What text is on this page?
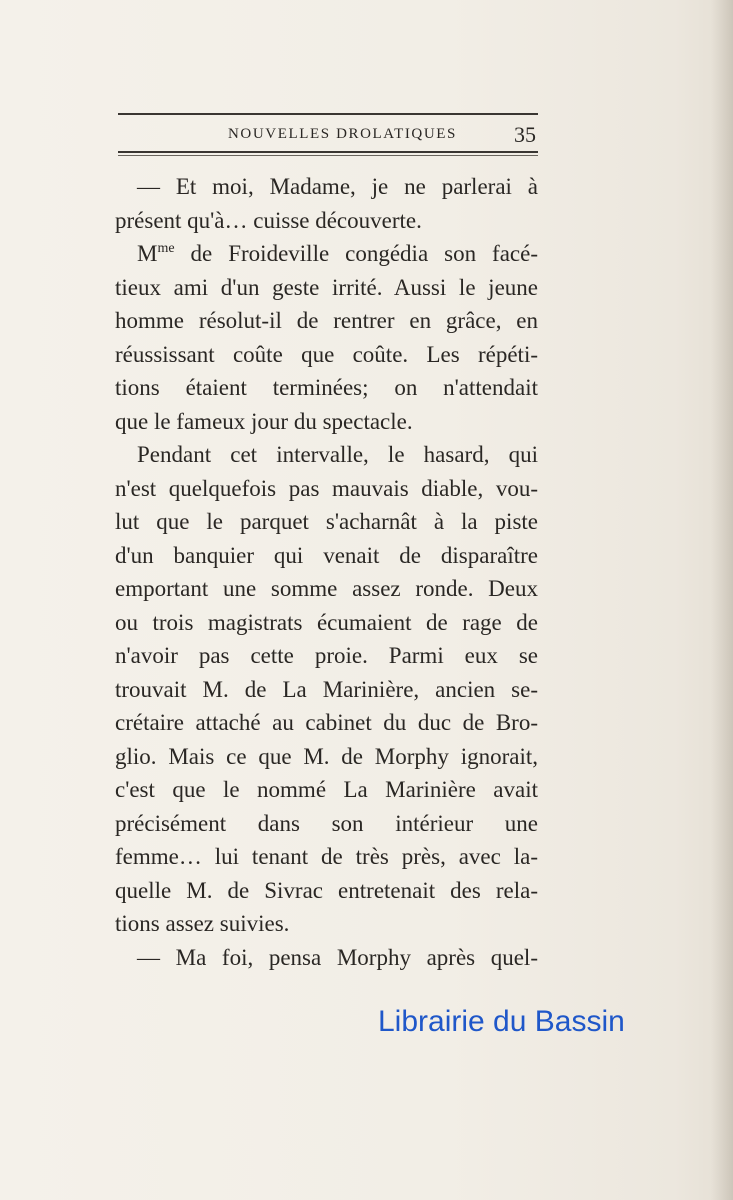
NOUVELLES DROLATIQUES	35
— Et moi, Madame, je ne parlerai à
présent qu'à… cuisse découverte.
$M^{me}$ de Froideville congédia son facé-
tieux ami d'un geste irrité. Aussi le jeune
homme résolut-il de rentrer en grâce, en
réussissant coûte que coûte. Les répéti-
tions étaient terminées; on n'attendait
que le fameux jour du spectacle.
Pendant cet intervalle, le hasard, qui
n'est quelquefois pas mauvais diable, vou-
lut que le parquet s'acharnât à la piste
d'un banquier qui venait de disparaître
emportant une somme assez ronde. Deux
ou trois magistrats écumaient de rage de
n'avoir pas cette proie. Parmi eux se
trouvait M. de La Marinière, ancien se-
crétaire attaché au cabinet du duc de Bro-
glio. Mais ce que M. de Morphy ignorait,
c'est que le nommé La Marinière avait
précisément dans son intérieur une
femme… lui tenant de très près, avec la-
quelle M. de Sivrac entretenait des rela-
tions assez suivies.
— Ma foi, pensa Morphy après quel-
Librairie du Bassin
